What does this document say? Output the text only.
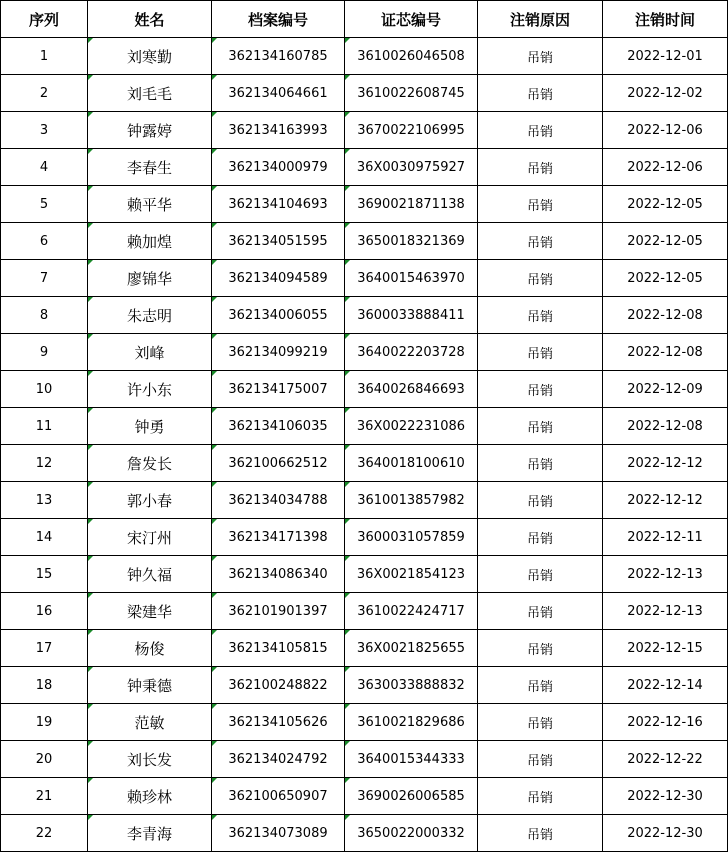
序列	姓名	档案编号	证芯编号	注销原因	注销时间
1	刘寒勤	362134160785	3610026046508	吊销	2022-12-01
2	刘毛毛	362134064661	3610022608745	吊销	2022-12-02
3	钟露婷	362134163993	3670022106995	吊销	2022-12-06
4	李春生	362134000979	36X0030975927	吊销	2022-12-06
5	赖平华	362134104693	3690021871138	吊销	2022-12-05
6	赖加煌	362134051595	3650018321369	吊销	2022-12-05
7	廖锦华	362134094589	3640015463970	吊销	2022-12-05
8	朱志明	362134006055	3600033888411	吊销	2022-12-08
9	刘峰	362134099219	3640022203728	吊销	2022-12-08
10	许小东	362134175007	3640026846693	吊销	2022-12-09
11	钟勇	362134106035	36X0022231086	吊销	2022-12-08
12	詹发长	362100662512	3640018100610	吊销	2022-12-12
13	郭小春	362134034788	3610013857982	吊销	2022-12-12
14	宋汀州	362134171398	3600031057859	吊销	2022-12-11
15	钟久福	362134086340	36X0021854123	吊销	2022-12-13
16	梁建华	362101901397	3610022424717	吊销	2022-12-13
17	杨俊	362134105815	36X0021825655	吊销	2022-12-15
18	钟秉德	362100248822	3630033888832	吊销	2022-12-14
19	范敏	362134105626	3610021829686	吊销	2022-12-16
20	刘长发	362134024792	3640015344333	吊销	2022-12-22
21	赖珍林	362100650907	3690026006585	吊销	2022-12-30
22	李青海	362134073089	3650022000332	吊销	2022-12-30
